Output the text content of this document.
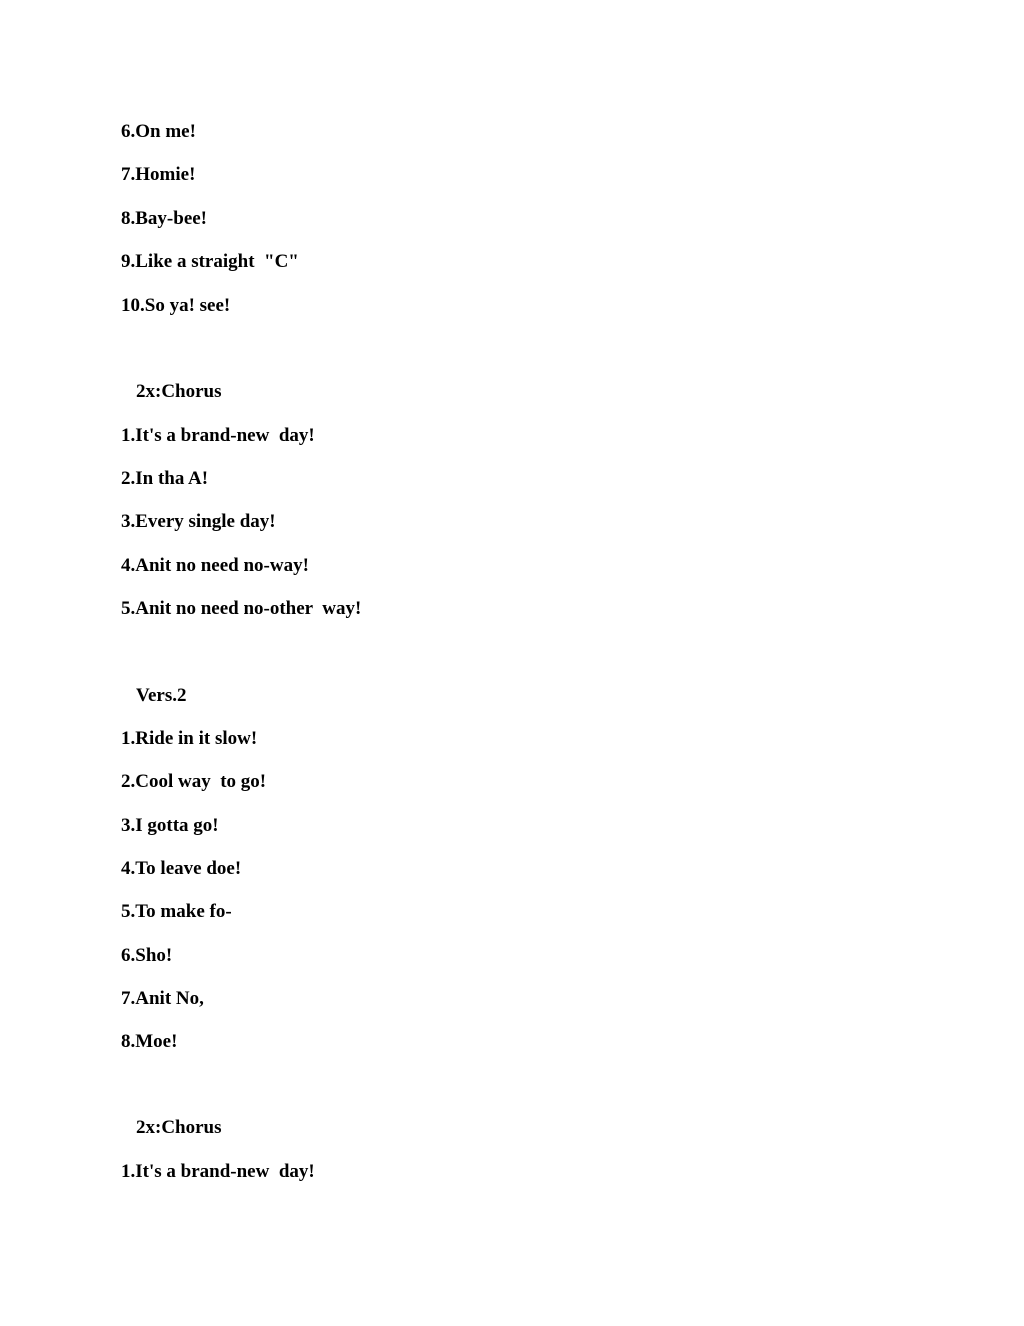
6.On me!
7.Homie!
8.Bay-bee!
9.Like a straight  "C"
10.So ya! see!
2x:Chorus
1.It's a brand-new  day!
2.In tha A!
3.Every single day!
4.Anit no need no-way!
5.Anit no need no-other  way!
Vers.2
1.Ride in it slow!
2.Cool way  to go!
3.I gotta go!
4.To leave doe!
5.To make fo-
6.Sho!
7.Anit No,
8.Moe!
2x:Chorus
1.It's a brand-new  day!
